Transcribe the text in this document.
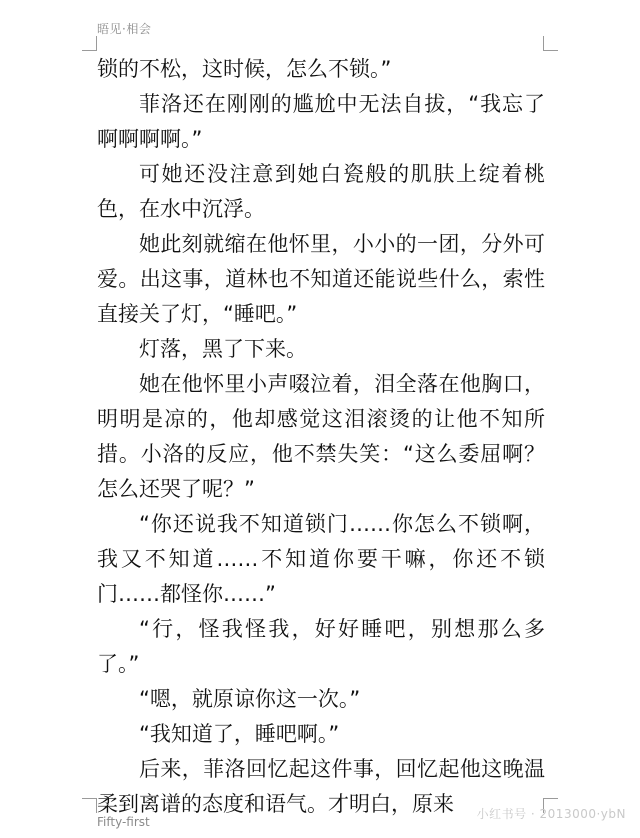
晤见·相会

锁的不松，这时候，怎么不锁。”

菲洛还在刚刚的尴尬中无法自拔，“我忘了啊啊啊啊。”

可她还没注意到她白瓷般的肌肤上绽着桃色，在水中沉浮。

她此刻就缩在他怀里，小小的一团，分外可爱。出这事，道林也不知道还能说些什么，索性直接关了灯，“睡吧。”

灯落，黑了下来。

她在他怀里小声啜泣着，泪全落在他胸口，明明是凉的，他却感觉这泪滚烫的让他不知所措。小洛的反应，他不禁失笑：“这么委屈啊？怎么还哭了呢？”

“你还说我不知道锁门……你怎么不锁啊，我又不知道……不知道你要干嘛，你还不锁门……都怪你……”

“行，怪我怪我，好好睡吧，别想那么多了。”

“嗯，就原谅你这一次。”

“我知道了，睡吧啊。”

后来，菲洛回忆起这件事，回忆起他这晚温柔到离谱的态度和语气。才明白，原来

Fifty-first
小红书号 · 2013000·ybN
